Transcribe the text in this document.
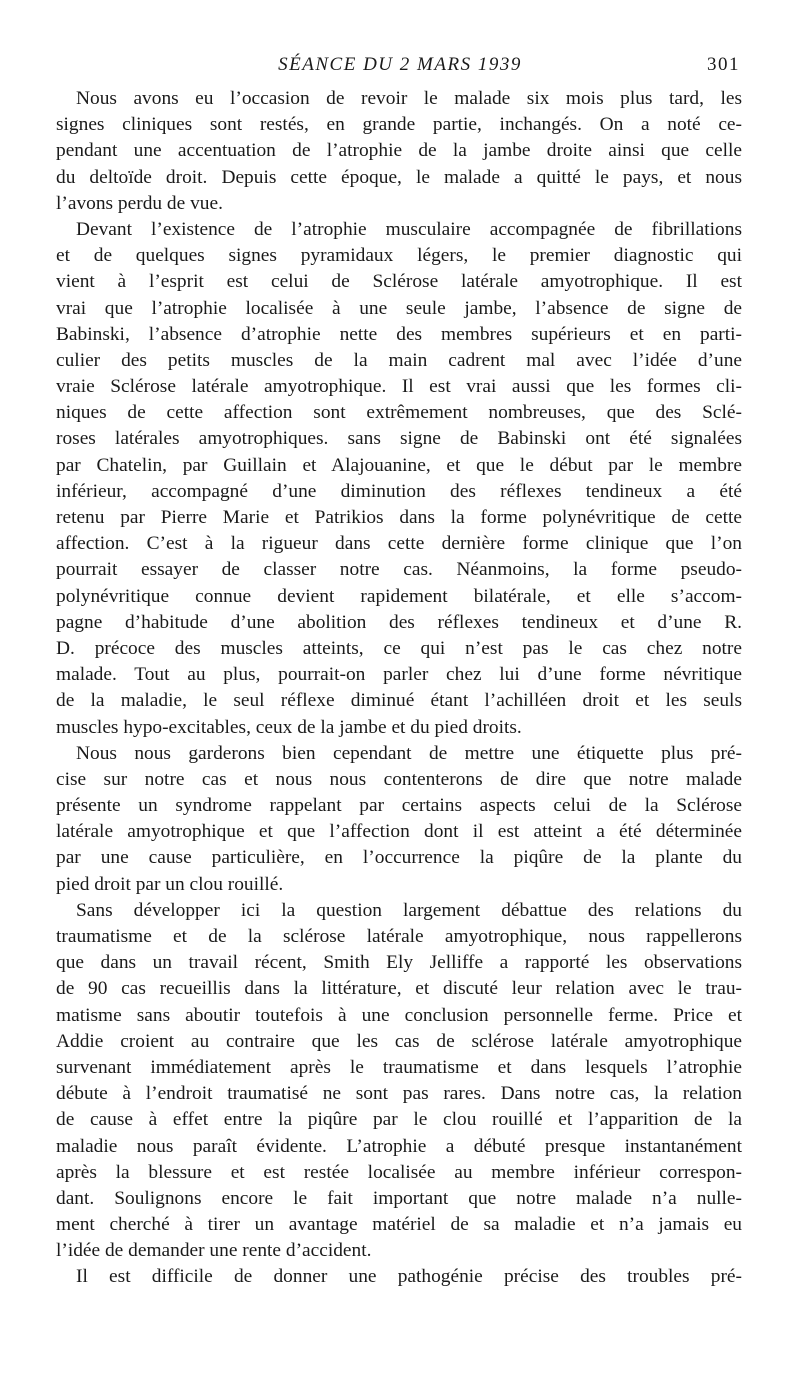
SÉANCE DU 2 MARS 1939	301
Nous avons eu l’occasion de revoir le malade six mois plus tard, les
signes cliniques sont restés, en grande partie, inchangés. On a noté ce-
pendant une accentuation de l’atrophie de la jambe droite ainsi que celle
du deltoïde droit. Depuis cette époque, le malade a quitté le pays, et nous
l’avons perdu de vue.
Devant l’existence de l’atrophie musculaire accompagnée de fibrillations
et de quelques signes pyramidaux légers, le premier diagnostic qui
vient à l’esprit est celui de Sclérose latérale amyotrophique. Il est
vrai que l’atrophie localisée à une seule jambe, l’absence de signe de
Babinski, l’absence d’atrophie nette des membres supérieurs et en parti-
culier des petits muscles de la main cadrent mal avec l’idée d’une
vraie Sclérose latérale amyotrophique. Il est vrai aussi que les formes cli-
niques de cette affection sont extrêmement nombreuses, que des Sclé-
roses latérales amyotrophiques. sans signe de Babinski ont été signalées
par Chatelin, par Guillain et Alajouanine, et que le début par le membre
inférieur, accompagné d’une diminution des réflexes tendineux a été
retenu par Pierre Marie et Patrikios dans la forme polynévritique de cette
affection. C’est à la rigueur dans cette dernière forme clinique que l’on
pourrait essayer de classer notre cas. Néanmoins, la forme pseudo-
polynévritique connue devient rapidement bilatérale, et elle s’accom-
pagne d’habitude d’une abolition des réflexes tendineux et d’une R.
D. précoce des muscles atteints, ce qui n’est pas le cas chez notre
malade. Tout au plus, pourrait-on parler chez lui d’une forme névritique
de la maladie, le seul réflexe diminué étant l’achilléen droit et les seuls
muscles hypo-excitables, ceux de la jambe et du pied droits.
Nous nous garderons bien cependant de mettre une étiquette plus pré-
cise sur notre cas et nous nous contenterons de dire que notre malade
présente un syndrome rappelant par certains aspects celui de la Sclérose
latérale amyotrophique et que l’affection dont il est atteint a été déterminée
par une cause particulière, en l’occurrence la piqûre de la plante du
pied droit par un clou rouillé.
Sans développer ici la question largement débattue des relations du
traumatisme et de la sclérose latérale amyotrophique, nous rappellerons
que dans un travail récent, Smith Ely Jelliffe a rapporté les observations
de 90 cas recueillis dans la littérature, et discuté leur relation avec le trau-
matisme sans aboutir toutefois à une conclusion personnelle ferme. Price et
Addie croient au contraire que les cas de sclérose latérale amyotrophique
survenant immédiatement après le traumatisme et dans lesquels l’atrophie
débute à l’endroit traumatisé ne sont pas rares. Dans notre cas, la relation
de cause à effet entre la piqûre par le clou rouillé et l’apparition de la
maladie nous paraît évidente. L’atrophie a débuté presque instantanément
après la blessure et est restée localisée au membre inférieur correspon-
dant. Soulignons encore le fait important que notre malade n’a nulle-
ment cherché à tirer un avantage matériel de sa maladie et n’a jamais eu
l’idée de demander une rente d’accident.
Il est difficile de donner une pathogénie précise des troubles pré-
